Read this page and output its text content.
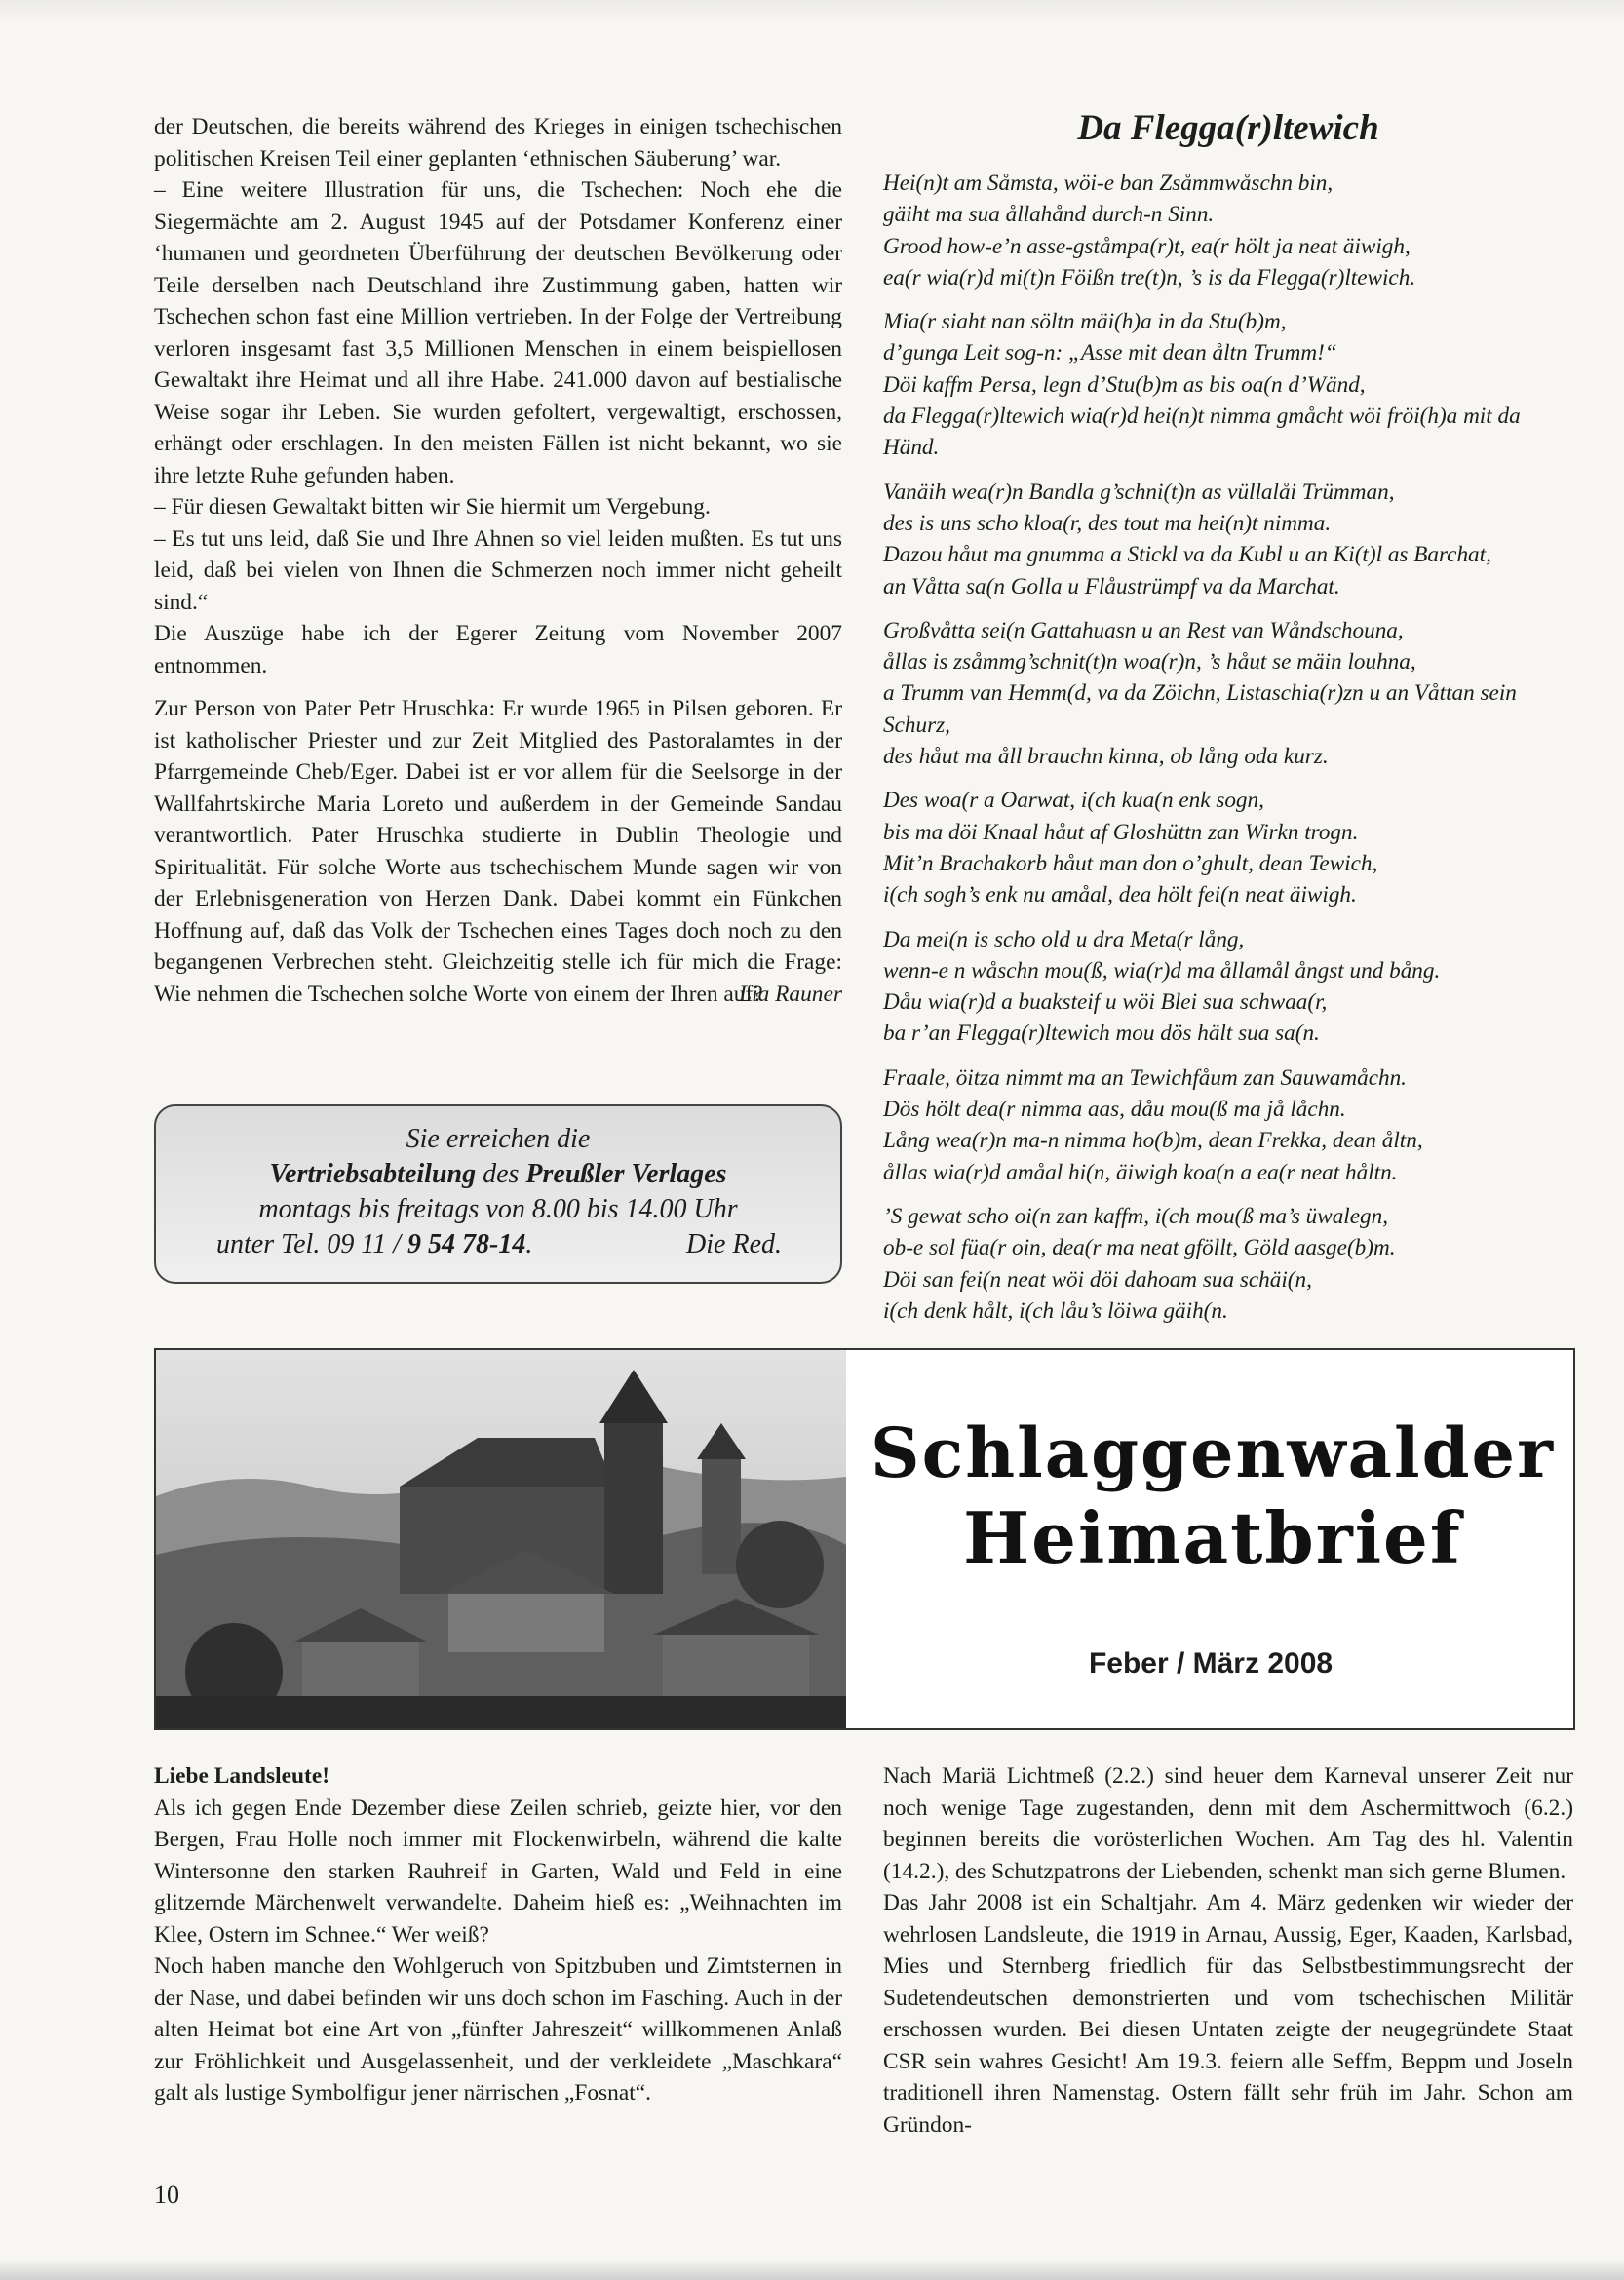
der Deutschen, die bereits während des Krieges in einigen tschechischen politischen Kreisen Teil einer geplanten ‘ethnischen Säuberung’ war.

– Eine weitere Illustration für uns, die Tschechen: Noch ehe die Siegermächte am 2. August 1945 auf der Potsdamer Konferenz einer ‘humanen und geordneten Überführung der deutschen Bevölkerung oder Teile derselben nach Deutschland ihre Zustimmung gaben, hatten wir Tschechen schon fast eine Million vertrieben. In der Folge der Vertreibung verloren insgesamt fast 3,5 Millionen Menschen in einem beispiellosen Gewaltakt ihre Heimat und all ihre Habe. 241.000 davon auf bestialische Weise sogar ihr Leben. Sie wurden gefoltert, vergewaltigt, erschossen, erhängt oder erschlagen. In den meisten Fällen ist nicht bekannt, wo sie ihre letzte Ruhe gefunden haben.

– Für diesen Gewaltakt bitten wir Sie hiermit um Vergebung.

– Es tut uns leid, daß Sie und Ihre Ahnen so viel leiden mußten. Es tut uns leid, daß bei vielen von Ihnen die Schmerzen noch immer nicht geheilt sind.“

Die Auszüge habe ich der Egerer Zeitung vom November 2007 entnommen.

Zur Person von Pater Petr Hruschka: Er wurde 1965 in Pilsen geboren. Er ist katholischer Priester und zur Zeit Mitglied des Pastoralamtes in der Pfarrgemeinde Cheb/Eger. Dabei ist er vor allem für die Seelsorge in der Wallfahrtskirche Maria Loreto und außerdem in der Gemeinde Sandau verantwortlich. Pater Hruschka studierte in Dublin Theologie und Spiritualität. Für solche Worte aus tschechischem Munde sagen wir von der Erlebnisgeneration von Herzen Dank. Dabei kommt ein Fünkchen Hoffnung auf, daß das Volk der Tschechen eines Tages doch noch zu den begangenen Verbrechen steht. Gleichzeitig stelle ich für mich die Frage: Wie nehmen die Tschechen solche Worte von einem der Ihren auf?

Lia Rauner

Sie erreichen die
Vertriebsabteilung des Preußler Verlages
montags bis freitags von 8.00 bis 14.00 Uhr
unter Tel. 09 11 / 9 54 78-14.	Die Red.
Da Flegga(r)ltewich

Hei(n)t am Såmsta, wöi-e ban Zsåmmwåschn bin,
gäiht ma sua ållahånd durch-n Sinn.
Grood how-e’n asse-gståmpa(r)t, ea(r hölt ja neat äiwigh,
ea(r wia(r)d mi(t)n Föißn tre(t)n, ’s is da Flegga(r)ltewich.

Mia(r siaht nan söltn mäi(h)a in da Stu(b)m,
d’gunga Leit sog-n: „Asse mit dean åltn Trumm!“
Döi kaffm Persa, legn d’Stu(b)m as bis oa(n d’Wänd,
da Flegga(r)ltewich wia(r)d hei(n)t nimma gmåcht wöi fröi(h)a mit da Händ.

Vanäih wea(r)n Bandla g’schni(t)n as vüllalåi Trümman,
des is uns scho kloa(r, des tout ma hei(n)t nimma.
Dazou håut ma gnumma a Stickl va da Kubl u an Ki(t)l as Barchat,
an Våtta sa(n Golla u Flåustrümpf va da Marchat.

Großvåtta sei(n Gattahuasn u an Rest van Wåndschouna,
ållas is zsåmmg’schnit(t)n woa(r)n, ’s håut se mäin louhna,
a Trumm van Hemm(d, va da Zöichn, Listaschia(r)zn u an Våttan sein Schurz,
des håut ma åll brauchn kinna, ob lång oda kurz.

Des woa(r a Oarwat, i(ch kua(n enk sogn,
bis ma döi Knaal håut af Gloshüttn zan Wirkn trogn.
Mit’n Brachakorb håut man don o’ghult, dean Tewich,
i(ch sogh’s enk nu amåal, dea hölt fei(n neat äiwigh.

Da mei(n is scho old u dra Meta(r lång,
wenn-e n wåschn mou(ß, wia(r)d ma ållamål ångst und bång.
Dåu wia(r)d a buaksteif u wöi Blei sua schwaa(r,
ba r’an Flegga(r)ltewich mou dös hält sua sa(n.

Fraale, öitza nimmt ma an Tewichfåum zan Sauwamåchn.
Dös hölt dea(r nimma aas, dåu mou(ß ma jå låchn.
Lång wea(r)n ma-n nimma ho(b)m, dean Frekka, dean åltn,
ållas wia(r)d amåal hi(n, äiwigh koa(n a ea(r neat håltn.

’S gewat scho oi(n zan kaffm, i(ch mou(ß ma’s üwalegn,
ob-e sol füa(r oin, dea(r ma neat gföllt, Göld aasge(b)m.
Döi san fei(n neat wöi döi dahoam sua schäi(n,
i(ch denk hålt, i(ch låu’s löiwa gäih(n.

Schlaggenwalder
Heimatbrief
Feber / März 2008

Liebe Landsleute!

Als ich gegen Ende Dezember diese Zeilen schrieb, geizte hier, vor den Bergen, Frau Holle noch immer mit Flockenwirbeln, während die kalte Wintersonne den starken Rauhreif in Garten, Wald und Feld in eine glitzernde Märchenwelt verwandelte. Daheim hieß es: „Weihnachten im Klee, Ostern im Schnee.“ Wer weiß?

Noch haben manche den Wohlgeruch von Spitzbuben und Zimtsternen in der Nase, und dabei befinden wir uns doch schon im Fasching. Auch in der alten Heimat bot eine Art von „fünfter Jahreszeit“ willkommenen Anlaß zur Fröhlichkeit und Ausgelassenheit, und der verkleidete „Maschkara“ galt als lustige Symbolfigur jener närrischen „Fosnat“.

Nach Mariä Lichtmeß (2.2.) sind heuer dem Karneval unserer Zeit nur noch wenige Tage zugestanden, denn mit dem Aschermittwoch (6.2.) beginnen bereits die vorösterlichen Wochen. Am Tag des hl. Valentin (14.2.), des Schutzpatrons der Liebenden, schenkt man sich gerne Blumen.

Das Jahr 2008 ist ein Schaltjahr. Am 4. März gedenken wir wieder der wehrlosen Landsleute, die 1919 in Arnau, Aussig, Eger, Kaaden, Karlsbad, Mies und Sternberg friedlich für das Selbstbestimmungsrecht der Sudetendeutschen demonstrierten und vom tschechischen Militär erschossen wurden. Bei diesen Untaten zeigte der neugegründete Staat CSR sein wahres Gesicht! Am 19.3. feiern alle Seffm, Beppm und Joseln traditionell ihren Namenstag. Ostern fällt sehr früh im Jahr. Schon am Gründon-

10
